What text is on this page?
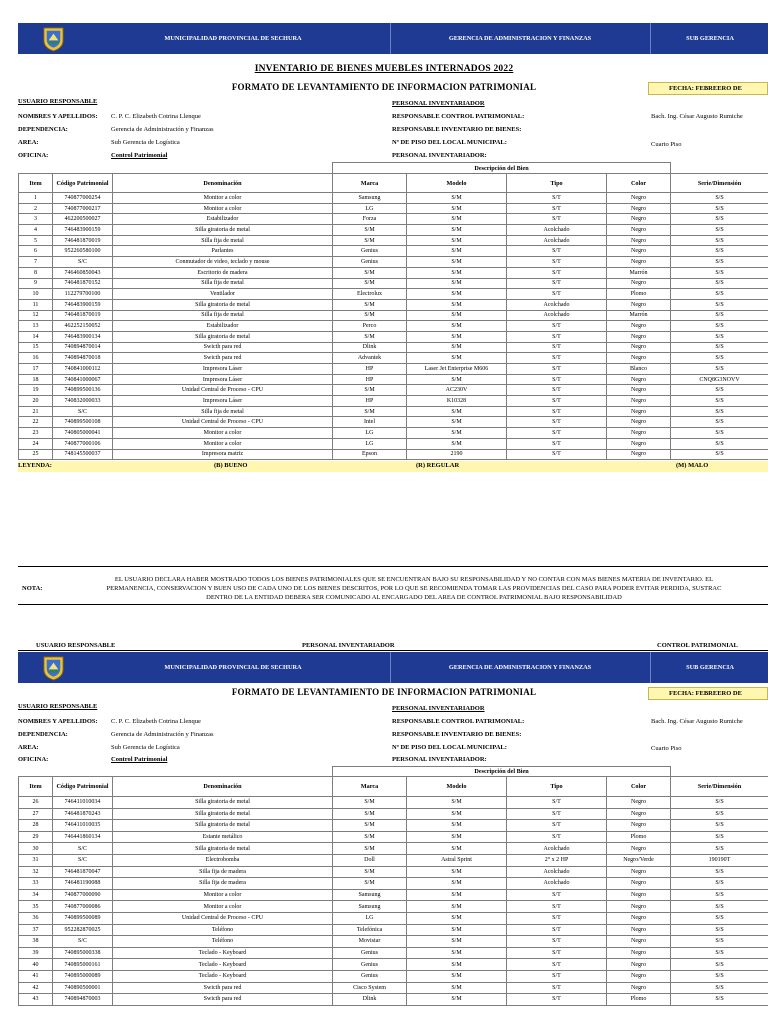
MUNICIPALIDAD PROVINCIAL DE SECHURA	GERENCIA DE ADMINISTRACION Y FINANZAS	SUB GERENCIA
INVENTARIO DE BIENES MUEBLES INTERNADOS 2022
FORMATO DE LEVANTAMIENTO DE INFORMACION PATRIMONIAL	FECHA: FEBREERO DE
USUARIO RESPONSABLE
NOMBRES Y APELLIDOS: C. P. C. Elizabeth Cotrina Llenque
DEPENDENCIA:	Gerencia de Administración y Finanzas
AREA:	Sub Gerencia de Logística
OFICINA:	Control Patrimonial
PERSONAL INVENTARIADOR
RESPONSABLE CONTROL PATRIMONIAL:	Bach. Ing. César Augusto Rumiche
RESPONSABLE INVENTARIO DE BIENES:
Nº DE PISO DEL LOCAL MUNICIPAL:	Cuarto Piso
PERSONAL INVENTARIADOR:
			Descripción del Bien				
Item	Código Patrimonial	Denominación	Marca	Modelo	Tipo	Color	Serie/Dimensión
1	740877000254	Monitor a color	Samsung	S/M	S/T	Negro	S/S
2	740877000217	Monitor a color	LG	S/M	S/T	Negro	S/S
3	462200500027	Estabilizador	Forza	S/M	S/T	Negro	S/S
4	746483900159	Silla giratoria de metal	S/M	S/M	Acolchado	Negro	S/S
5	746481870019	Silla fija de metal	S/M	S/M	Acolchado	Negro	S/S
6	952260580100	Parlantes	Genius	S/M	S/T	Negro	S/S
7	S/C	Conmutador de video, teclado y mouse	Genius	S/M	S/T	Negro	S/S
8	746460850043	Escritorio de madera	S/M	S/M	S/T	Marrón	S/S
9	746481870152	Silla fija de metal	S/M	S/M	S/T	Negro	S/S
10	112279700100	Ventilador	Electrolux	S/M	S/T	Plomo	S/S
11	746483900159	Silla giratoria de metal	S/M	S/M	Acolchado	Negro	S/S
12	746481870019	Silla fija de metal	S/M	S/M	Acolchado	Marrón	S/S
13	462252150052	Estabilizador	Perco	S/M	S/T	Negro	S/S
14	746483900134	Silla giratoria de metal	S/M	S/M	S/T	Negro	S/S
15	740894870014	Swicth para red	Dlink	S/M	S/T	Negro	S/S
16	740894870018	Swicth para red	Advantek	S/M	S/T	Negro	S/S
17	740841000112	Impresora Láser	HP	Laser Jet Enterprise M606	S/T	Blanco	S/S
18	740841000067	Impresora Láser	HP	S/M	S/T	Negro	CNQ8G3NOVV
19	740899500136	Unidad Central de Proceso - CPU	S/M	AC230V	S/T	Negro	S/S
20	740832000033	Impresora Láser	HP	K10328	S/T	Negro	S/S
21	S/C	Silla fija de metal	S/M	S/M	S/T	Negro	S/S
22	740899500108	Unidad Central de Proceso - CPU	Intel	S/M	S/T	Negro	S/S
23	740805000041	Monitor a color	LG	S/M	S/T	Negro	S/S
24	740877000106	Monitor a color	LG	S/M	S/T	Negro	S/S
25	748145500037	Impresora matriz	Epson	2190	S/T	Negro	S/S
LEYENDA:	(B) BUENO	(R) REGULAR	(M) MALO
NOTA:
EL USUARIO DECLARA HABER MOSTRADO TODOS LOS BIENES PATRIMONIALES QUE SE ENCUENTRAN BAJO SU RESPONSABILIDAD Y NO CONTAR CON MAS BIENES MATERIA DE INVENTARIO. EL
PERMANENCIA, CONSERVACION Y BUEN USO DE CADA UNO DE LOS BIENES DESCRITOS, POR LO QUE SE RECOMIENDA TOMAR LAS PROVIDENCIAS DEL CASO PARA PODER EVITAR PERDIDA, SUSTRAC
DENTRO DE LA ENTIDAD DEBERA SER COMUNICADO AL ENCARGADO DEL AREA DE CONTROL PATRIMONIAL BAJO RESPONSABILIDAD
USUARIO RESPONSABLE	PERSONAL INVENTARIADOR	CONTROL PATRIMONIAL
MUNICIPALIDAD PROVINCIAL DE SECHURA	GERENCIA DE ADMINISTRACION Y FINANZAS	SUB GERENCIA
FORMATO DE LEVANTAMIENTO DE INFORMACION PATRIMONIAL	FECHA: FEBREERO DE
USUARIO RESPONSABLE
NOMBRES Y APELLIDOS: C. P. C. Elizabeth Cotrina Llenque
DEPENDENCIA:	Gerencia de Administración y Finanzas
AREA:	Sub Gerencia de Logística
OFICINA:	Control Patrimonial
PERSONAL INVENTARIADOR
RESPONSABLE CONTROL PATRIMONIAL:	Bach. Ing. César Augusto Rumiche
RESPONSABLE INVENTARIO DE BIENES:
Nº DE PISO DEL LOCAL MUNICIPAL:	Cuarto Piso
PERSONAL INVENTARIADOR:
			Descripción del Bien				
Item	Código Patrimonial	Denominación	Marca	Modelo	Tipo	Color	Serie/Dimensión
26	746411010034	Silla giratoria de metal	S/M	S/M	S/T	Negro	S/S
27	746481870243	Silla giratoria de metal	S/M	S/M	S/T	Negro	S/S
28	746411010035	Silla giratoria de metal	S/M	S/M	S/T	Negro	S/S
29	746441860134	Estante metálico	S/M	S/M	S/T	Plomo	S/S
30	S/C	Silla giratoria de metal	S/M	S/M	Acolchado	Negro	S/S
31	S/C	Electrobomba	Doll	Astral Sprint	2° x 2 HP	Negro/Verde	190190T
32	746481870047	Silla fija de madera	S/M	S/M	Acolchado	Negro	S/S
33	746481190088	Silla fija de madera	S/M	S/M	Acolchado	Negro	S/S
34	740877000090	Monitor a color	Samsung	S/M	S/T	Negro	S/S
35	740877000086	Monitor a color	Samsung	S/M	S/T	Negro	S/S
36	740899500089	Unidad Central de Proceso - CPU	LG	S/M	S/T	Negro	S/S
37	952282870025	Teléfono	Telefónica	S/M	S/T	Negro	S/S
38	S/C	Teléfono	Movistar	S/M	S/T	Negro	S/S
39	740895000338	Teclado - Keyboard	Genius	S/M	S/T	Negro	S/S
40	740895000161	Teclado - Keyboard	Genius	S/M	S/T	Negro	S/S
41	740895000089	Teclado - Keyboard	Genius	S/M	S/T	Negro	S/S
42	740890500001	Swicth para red	Cisco System	S/M	S/T	Negro	S/S
43	740894870003	Swicth para red	Dlink	S/M	S/T	Plomo	S/S
